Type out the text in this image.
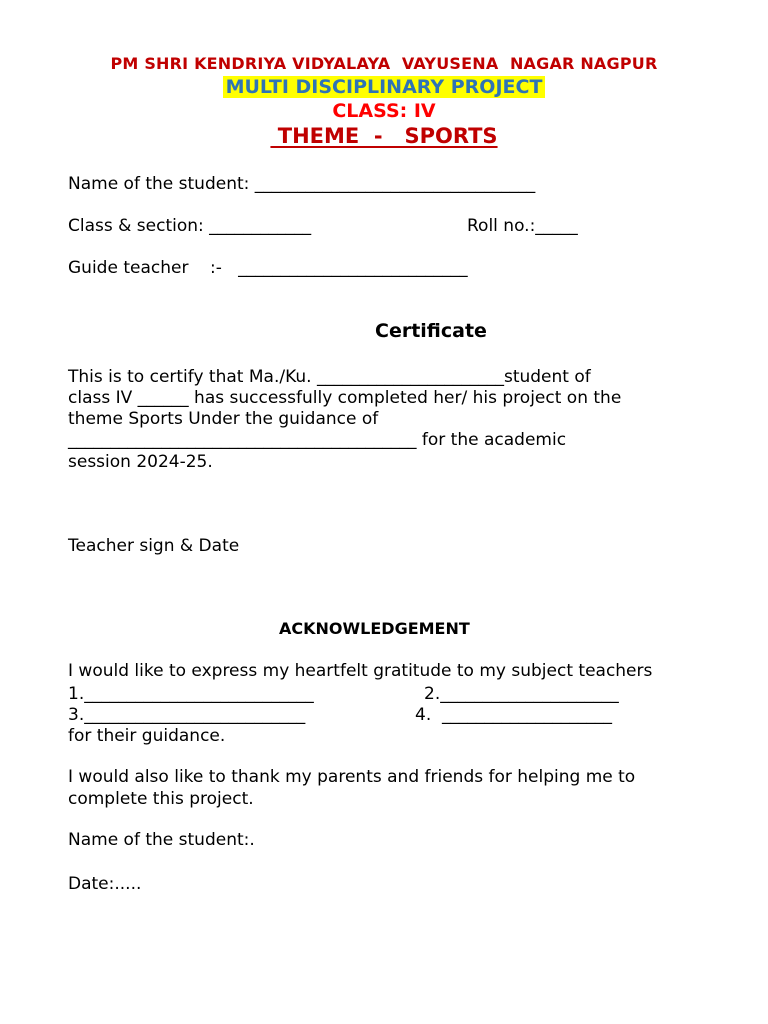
PM SHRI KENDRIYA VIDYALAYA  VAYUSENA  NAGAR NAGPUR

MULTI DISCIPLINARY PROJECT

CLASS: IV

THEME  -   SPORTS

Name of the student: _________________________________

Class & section: ____________	Roll no.:_____

Guide teacher    :-   ___________________________

Certificate

This is to certify that Ma./Ku. ______________________student of

class IV ______ has successfully completed her/ his project on the

theme Sports Under the guidance of

_________________________________________ for the academic

session 2024-25.

Teacher sign & Date

ACKNOWLEDGEMENT

I would like to express my heartfelt gratitude to my subject teachers

1.___________________________	2._____________________

3.__________________________	4.  ____________________

for their guidance.

I would also like to thank my parents and friends for helping me to

complete this project.

Name of the student:.

Date:.....
